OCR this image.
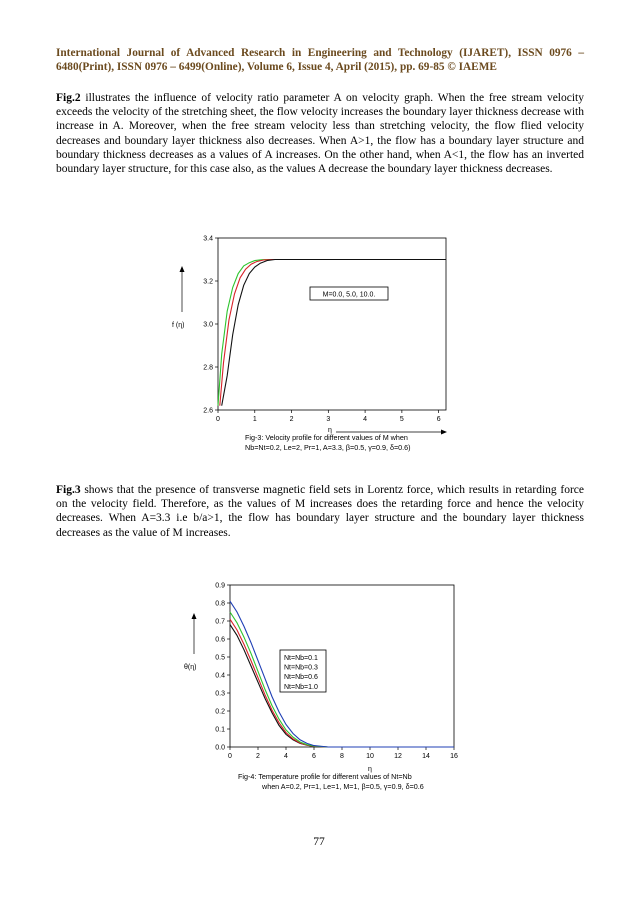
International Journal of Advanced Research in Engineering and Technology (IJARET), ISSN 0976 – 6480(Print), ISSN 0976 – 6499(Online), Volume 6, Issue 4, April (2015), pp. 69-85 © IAEME
Fig.2 illustrates the influence of velocity ratio parameter A on velocity graph. When the free stream velocity exceeds the velocity of the stretching sheet, the flow velocity increases the boundary layer thickness decrease with increase in A. Moreover, when the free stream velocity less than stretching velocity, the flow flied velocity decreases and boundary layer thickness also decreases. When A>1, the flow has a boundary layer structure and boundary thickness decreases as a values of A increases. On the other hand, when A<1, the flow has an inverted boundary layer structure, for this case also, as the values A decrease the boundary layer thickness decreases.
0	1	2	3	4	5	6
2.6
2.8
3.0
3.2
3.4
f (η)
η
M=0.0, 5.0, 10.0.
Fig-3: Velocity profile for different values of M when
Nb=Nt=0.2, Le=2, Pr=1, A=3.3, β=0.5, γ=0.9, δ=0.6)
Fig.3 shows that the presence of transverse magnetic field sets in Lorentz force, which results in retarding force on the velocity field. Therefore, as the values of M increases does the retarding force and hence the velocity decreases. When A=3.3 i.e b/a>1, the flow has boundary layer structure and the boundary layer thickness decreases as the value of M increases.
0	2	4	6	8	10	12	14	16
0.0
0.1
0.2
0.3
0.4
0.5
0.6
0.7
0.8
0.9
θ(η)
η
Nt=Nb=0.1
Nt=Nb=0.3
Nt=Nb=0.6
Nt=Nb=1.0
Fig-4: Temperature profile for different values of Nt=Nb
when A=0.2, Pr=1, Le=1, M=1, β=0.5, γ=0.9, δ=0.6
77
